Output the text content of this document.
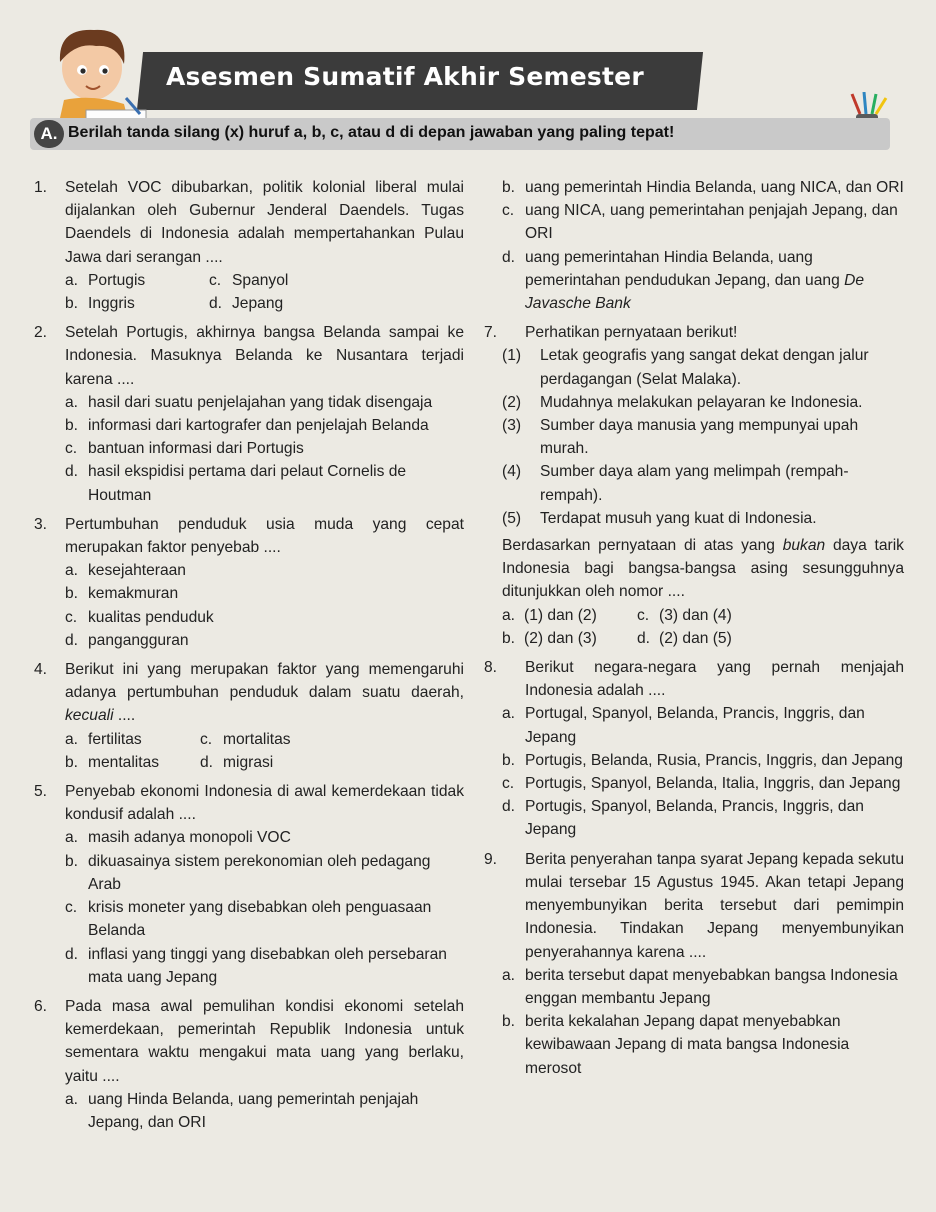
Asesmen Sumatif Akhir Semester
A. Berilah tanda silang (x) huruf a, b, c, atau d di depan jawaban yang paling tepat!
1. Setelah VOC dibubarkan, politik kolonial liberal mulai dijalankan oleh Gubernur Jenderal Daendels. Tugas Daendels di Indonesia adalah mempertahankan Pulau Jawa dari serangan ....
a. Portugis	c. Spanyol
b. Inggris	d. Jepang
2. Setelah Portugis, akhirnya bangsa Belanda sampai ke Indonesia. Masuknya Belanda ke Nusantara terjadi karena ....
a. hasil dari suatu penjelajahan yang tidak disengaja
b. informasi dari kartografer dan penjelajah Belanda
c. bantuan informasi dari Portugis
d. hasil ekspidisi pertama dari pelaut Cornelis de Houtman
3. Pertumbuhan penduduk usia muda yang cepat merupakan faktor penyebab ....
a. kesejahteraan
b. kemakmuran
c. kualitas penduduk
d. pangangguran
4. Berikut ini yang merupakan faktor yang memengaruhi adanya pertumbuhan penduduk dalam suatu daerah, kecuali ....
a. fertilitas	c. mortalitas
b. mentalitas	d. migrasi
5. Penyebab ekonomi Indonesia di awal kemerdekaan tidak kondusif adalah ....
a. masih adanya monopoli VOC
b. dikuasainya sistem perekonomian oleh pedagang Arab
c. krisis moneter yang disebabkan oleh penguasaan Belanda
d. inflasi yang tinggi yang disebabkan oleh persebaran mata uang Jepang
6. Pada masa awal pemulihan kondisi ekonomi setelah kemerdekaan, pemerintah Republik Indonesia untuk sementara waktu mengakui mata uang yang berlaku, yaitu ....
a. uang Hinda Belanda, uang pemerintah penjajah Jepang, dan ORI
b. uang pemerintah Hindia Belanda, uang NICA, dan ORI
c. uang NICA, uang pemerintahan penjajah Jepang, dan ORI
d. uang pemerintahan Hindia Belanda, uang pemerintahan pendudukan Jepang, dan uang De Javasche Bank
7. Perhatikan pernyataan berikut!
(1) Letak geografis yang sangat dekat dengan jalur perdagangan (Selat Malaka).
(2) Mudahnya melakukan pelayaran ke Indonesia.
(3) Sumber daya manusia yang mempunyai upah murah.
(4) Sumber daya alam yang melimpah (rempah-rempah).
(5) Terdapat musuh yang kuat di Indonesia.
Berdasarkan pernyataan di atas yang bukan daya tarik Indonesia bagi bangsa-bangsa asing sesungguhnya ditunjukkan oleh nomor ....
a. (1) dan (2)	c. (3) dan (4)
b. (2) dan (3)	d. (2) dan (5)
8. Berikut negara-negara yang pernah menjajah Indonesia adalah ....
a. Portugal, Spanyol, Belanda, Prancis, Inggris, dan Jepang
b. Portugis, Belanda, Rusia, Prancis, Inggris, dan Jepang
c. Portugis, Spanyol, Belanda, Italia, Inggris, dan Jepang
d. Portugis, Spanyol, Belanda, Prancis, Inggris, dan Jepang
9. Berita penyerahan tanpa syarat Jepang kepada sekutu mulai tersebar 15 Agustus 1945. Akan tetapi Jepang menyembunyikan berita tersebut dari pemimpin Indonesia. Tindakan Jepang menyembunyikan penyerahannya karena ....
a. berita tersebut dapat menyebabkan bangsa Indonesia enggan membantu Jepang
b. berita kekalahan Jepang dapat menyebabkan kewibawaan Jepang di mata bangsa Indonesia merosot
